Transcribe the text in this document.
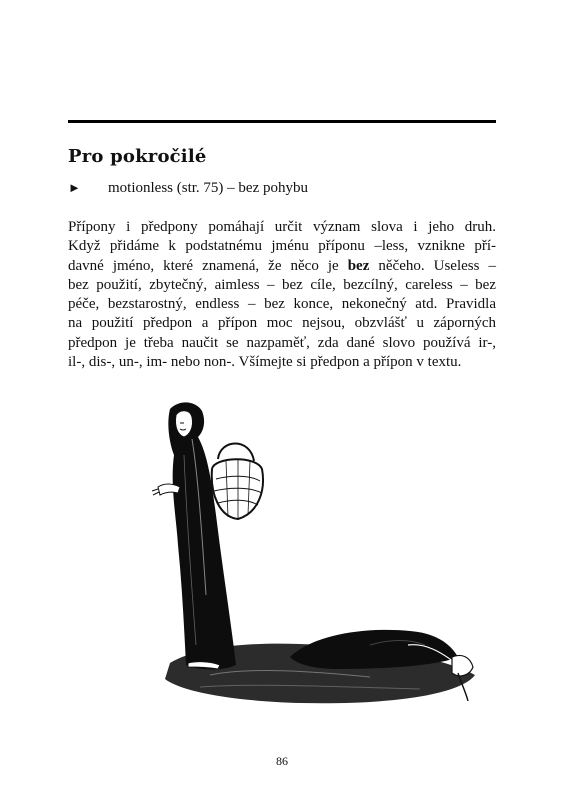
Pro pokročilé
►	motionless (str. 75) – bez pohybu

Přípony i předpony pomáhají určit význam slova i jeho druh.
Když přidáme k podstatnému jménu příponu –less, vznikne pří-
davné jméno, které znamená, že něco je bez něčeho. Useless –
bez použití, zbytečný, aimless – bez cíle, bezcílný, careless – bez
péče, bezstarostný, endless – bez konce, nekonečný atd. Pravidla
na použití předpon a přípon moc nejsou, obzvlášť u záporných
předpon je třeba naučit se nazpaměť, zda dané slovo používá ir-,
il-, dis-, un-, im- nebo non-. Všímejte si předpon a přípon v textu.

86
